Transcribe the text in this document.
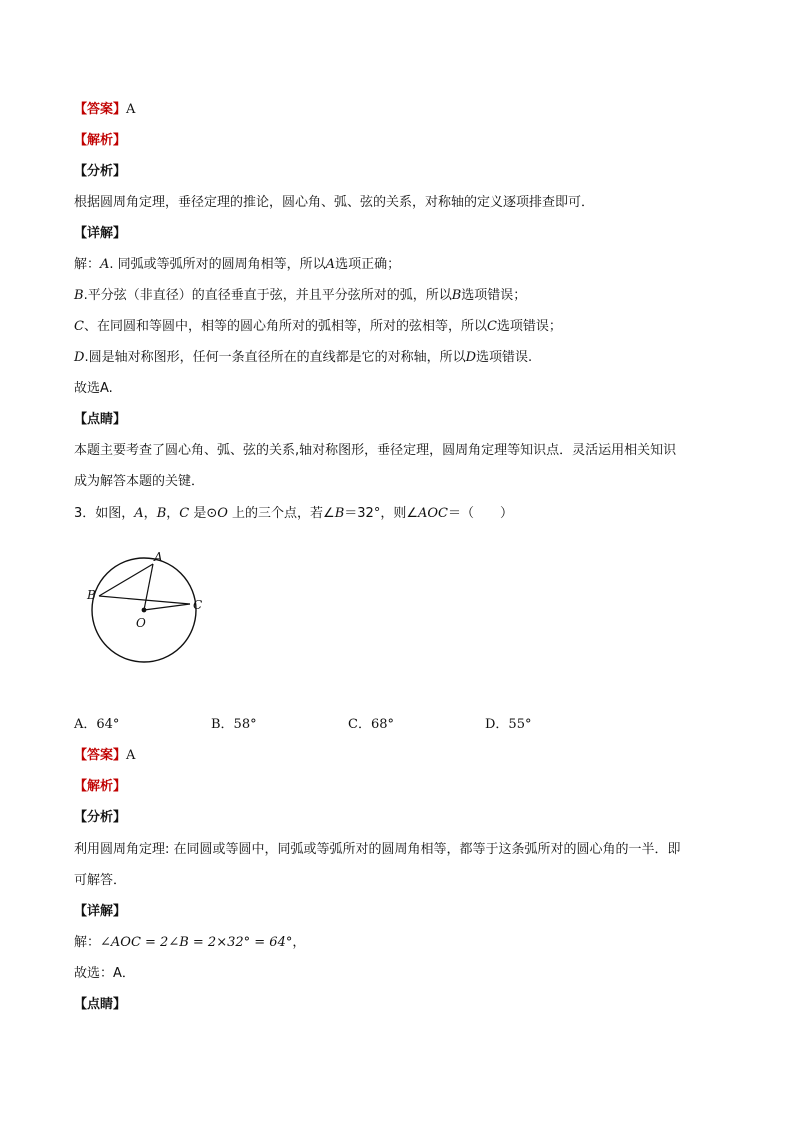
【答案】A
【解析】
【分析】
根据圆周角定理，垂径定理的推论，圆心角、弧、弦的关系，对称轴的定义逐项排查即可．
【详解】
解：A. 同弧或等弧所对的圆周角相等，所以A选项正确；
B.平分弦（非直径）的直径垂直于弦，并且平分弦所对的弧，所以B选项错误；
C、在同圆和等圆中，相等的圆心角所对的弧相等，所对的弦相等，所以C选项错误；
D.圆是轴对称图形，任何一条直径所在的直线都是它的对称轴，所以D选项错误.
故选A.
【点睛】
本题主要考查了圆心角、弧、弦的关系,轴对称图形，垂径定理，圆周角定理等知识点．灵活运用相关知识
成为解答本题的关键．
3．如图，A，B，C 是⊙O 上的三个点，若∠B＝32°，则∠AOC＝（　　）
A
B
C
O
A．64°	B．58°	C．68°	D．55°
【答案】A
【解析】
【分析】
利用圆周角定理: 在同圆或等圆中，同弧或等弧所对的圆周角相等，都等于这条弧所对的圆心角的一半．即
可解答．
【详解】
解：∠AOC = 2∠B = 2×32° = 64°，
故选：A．
【点睛】
